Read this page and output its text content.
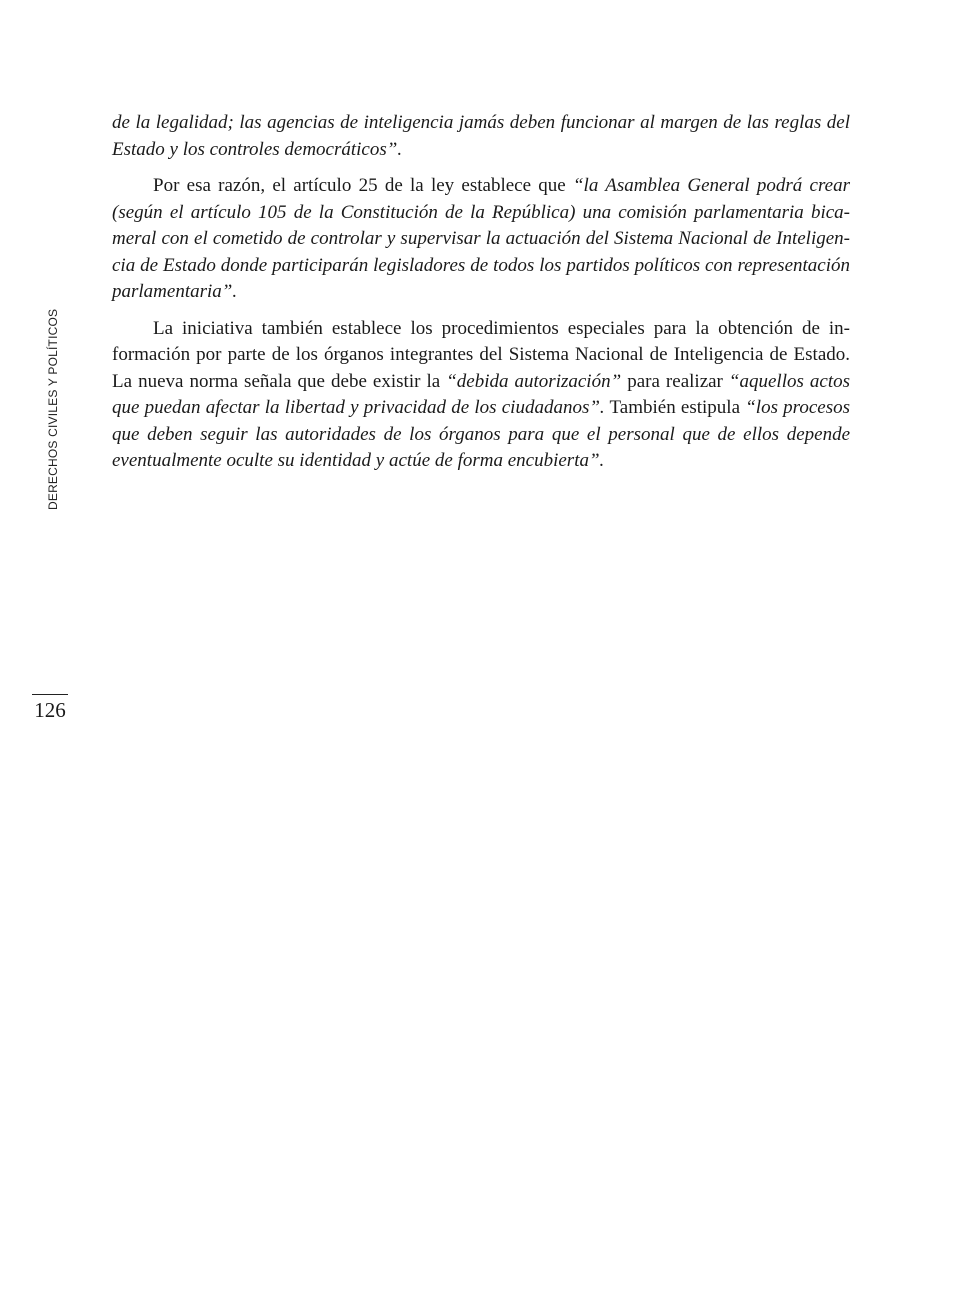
DERECHOS CIVILES Y POLÍTICOS
126

de la legalidad; las agencias de inteligencia jamás deben funcionar al margen de las reglas del Estado y los controles democráticos”.

Por esa razón, el artículo 25 de la ley establece que “la Asamblea General podrá crear (según el artículo 105 de la Constitución de la República) una comisión parlamentaria bicameral con el cometido de controlar y supervisar la actuación del Sistema Nacional de Inteligencia de Estado donde participarán legisladores de todos los partidos políticos con representación parlamentaria”.

La iniciativa también establece los procedimientos especiales para la obtención de información por parte de los órganos integrantes del Sistema Nacional de Inteligencia de Estado. La nueva norma señala que debe existir la “debida autorización” para realizar “aquellos actos que puedan afectar la libertad y privacidad de los ciudadanos”. También estipula “los procesos que deben seguir las autoridades de los órganos para que el personal que de ellos depende eventualmente oculte su identidad y actúe de forma encubierta”.
